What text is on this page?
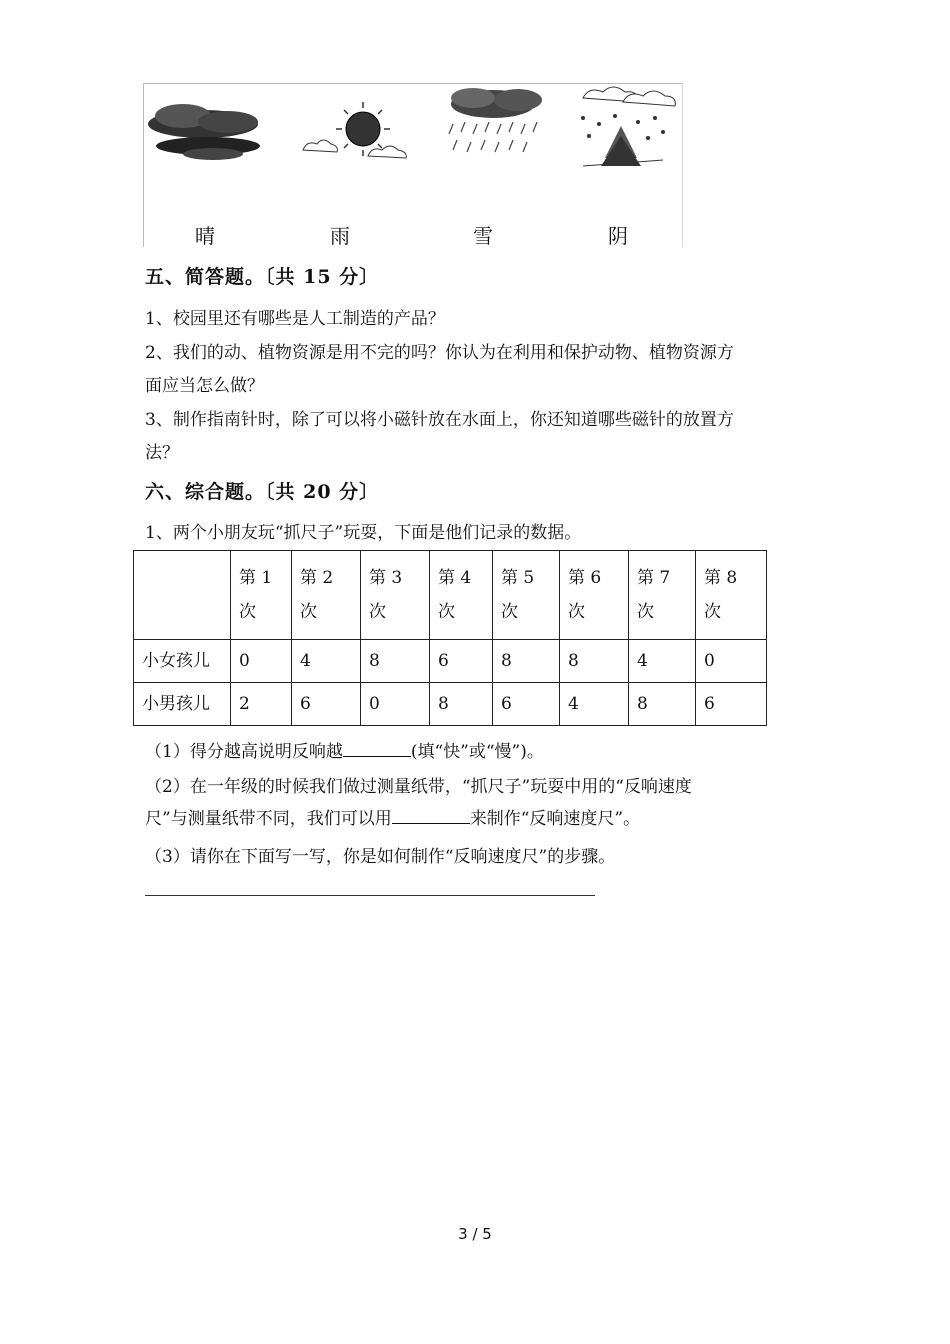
晴	雨	雪	阴
五、简答题。〔共 15 分〕
1、校园里还有哪些是人工制造的产品？
2、我们的动、植物资源是用不完的吗？你认为在利用和保护动物、植物资源方
面应当怎么做？
3、制作指南针时，除了可以将小磁针放在水面上，你还知道哪些磁针的放置方
法？
六、综合题。〔共 20 分〕
1、两个小朋友玩“抓尺子”玩耍，下面是他们记录的数据。
	第 1 次	第 2 次	第 3 次	第 4 次	第 5 次	第 6 次	第 7 次	第 8 次
小女孩儿	0	4	8	6	8	8	4	0
小男孩儿	2	6	0	8	6	4	8	6
（1）得分越高说明反响越	(填“快”或“慢”)。
（2）在一年级的时候我们做过测量纸带，“抓尺子”玩耍中用的“反响速度
尺”与测量纸带不同，我们可以用	来制作“反响速度尺”。
（3）请你在下面写一写，你是如何制作“反响速度尺”的步骤。
3 / 5
